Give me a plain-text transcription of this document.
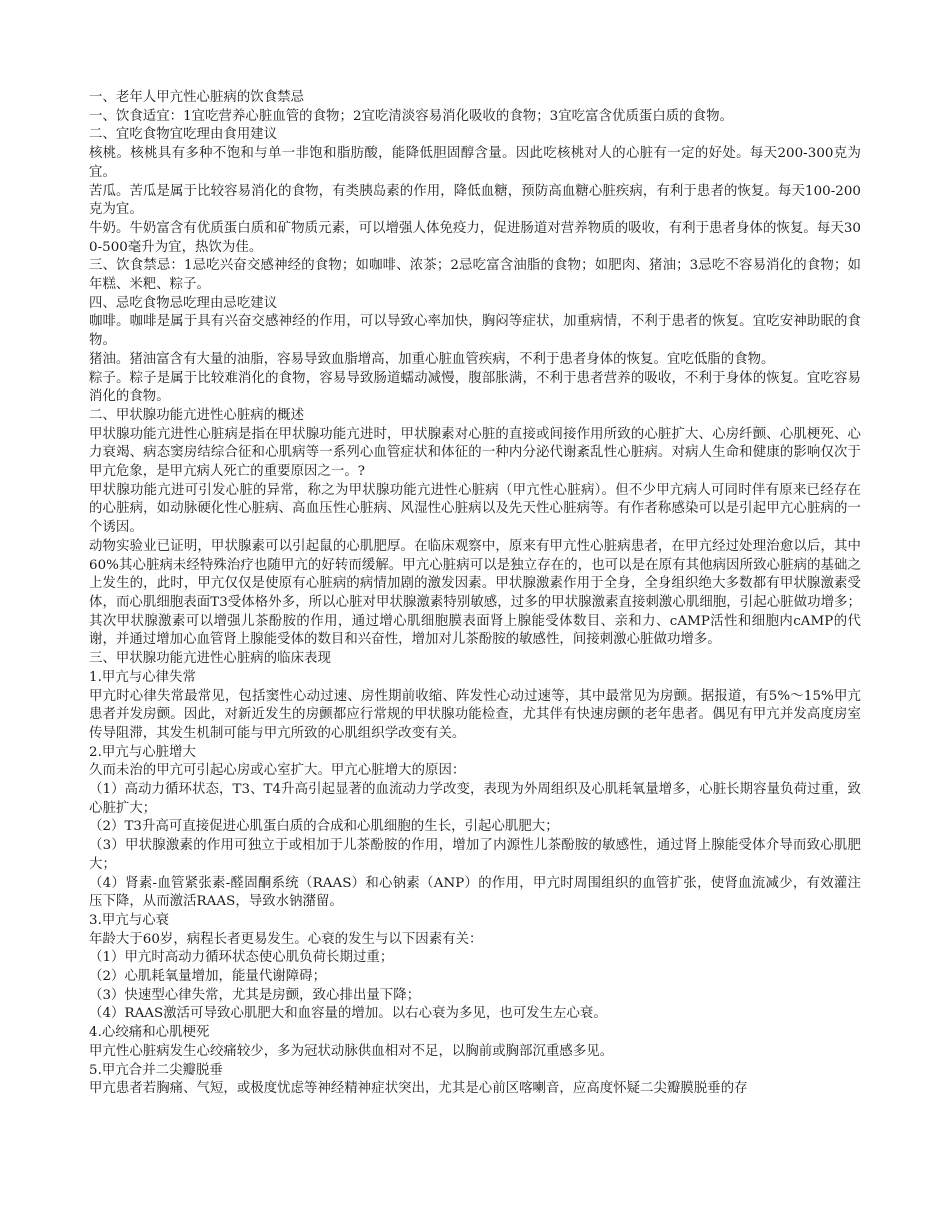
一、老年人甲亢性心脏病的饮食禁忌

一、饮食适宜：1宜吃营养心脏血管的食物；2宜吃清淡容易消化吸收的食物；3宜吃富含优质蛋白质的食物。

二、宜吃食物宜吃理由食用建议

核桃。核桃具有多种不饱和与单一非饱和脂肪酸，能降低胆固醇含量。因此吃核桃对人的心脏有一定的好处。每天200-300克为宜。

苦瓜。苦瓜是属于比较容易消化的食物，有类胰岛素的作用，降低血糖，预防高血糖心脏疾病，有利于患者的恢复。每天100-200克为宜。

牛奶。牛奶富含有优质蛋白质和矿物质元素，可以增强人体免疫力，促进肠道对营养物质的吸收，有利于患者身体的恢复。每天300-500毫升为宜，热饮为佳。

三、饮食禁忌：1忌吃兴奋交感神经的食物；如咖啡、浓茶；2忌吃富含油脂的食物；如肥肉、猪油；3忌吃不容易消化的食物；如年糕、米粑、粽子。

四、忌吃食物忌吃理由忌吃建议

咖啡。咖啡是属于具有兴奋交感神经的作用，可以导致心率加快，胸闷等症状，加重病情，不利于患者的恢复。宜吃安神助眠的食物。

猪油。猪油富含有大量的油脂，容易导致血脂增高，加重心脏血管疾病，不利于患者身体的恢复。宜吃低脂的食物。

粽子。粽子是属于比较难消化的食物，容易导致肠道蠕动减慢，腹部胀满，不利于患者营养的吸收，不利于身体的恢复。宜吃容易消化的食物。

二、甲状腺功能亢进性心脏病的概述

甲状腺功能亢进性心脏病是指在甲状腺功能亢进时，甲状腺素对心脏的直接或间接作用所致的心脏扩大、心房纤颤、心肌梗死、心力衰竭、病态窦房结综合征和心肌病等一系列心血管症状和体征的一种内分泌代谢紊乱性心脏病。对病人生命和健康的影响仅次于甲亢危象，是甲亢病人死亡的重要原因之一。?

甲状腺功能亢进可引发心脏的异常，称之为甲状腺功能亢进性心脏病（甲亢性心脏病）。但不少甲亢病人可同时伴有原来已经存在的心脏病，如动脉硬化性心脏病、高血压性心脏病、风湿性心脏病以及先天性心脏病等。有作者称感染可以是引起甲亢心脏病的一个诱因。

动物实验业已证明，甲状腺素可以引起鼠的心肌肥厚。在临床观察中，原来有甲亢性心脏病患者，在甲亢经过处理治愈以后，其中60%其心脏病未经特殊治疗也随甲亢的好转而缓解。甲亢心脏病可以是独立存在的，也可以是在原有其他病因所致心脏病的基础之上发生的，此时，甲亢仅仅是使原有心脏病的病情加剧的激发因素。甲状腺激素作用于全身，全身组织绝大多数都有甲状腺激素受体，而心肌细胞表面T3受体格外多，所以心脏对甲状腺激素特别敏感，过多的甲状腺激素直接刺激心肌细胞，引起心脏做功增多；其次甲状腺激素可以增强儿茶酚胺的作用，通过增心肌细胞膜表面肾上腺能受体数目、亲和力、cAMP活性和细胞内cAMP的代谢，并通过增加心血管肾上腺能受体的数目和兴奋性，增加对儿茶酚胺的敏感性，间接刺激心脏做功增多。

三、甲状腺功能亢进性心脏病的临床表现

1.甲亢与心律失常

甲亢时心律失常最常见，包括窦性心动过速、房性期前收缩、阵发性心动过速等，其中最常见为房颤。据报道，有5%～15%甲亢患者并发房颤。因此，对新近发生的房颤都应行常规的甲状腺功能检查，尤其伴有快速房颤的老年患者。偶见有甲亢并发高度房室传导阻滞，其发生机制可能与甲亢所致的心肌组织学改变有关。

2.甲亢与心脏增大

久而未治的甲亢可引起心房或心室扩大。甲亢心脏增大的原因：

（1）高动力循环状态，T3、T4升高引起显著的血流动力学改变，表现为外周组织及心肌耗氧量增多，心脏长期容量负荷过重，致心脏扩大；

（2）T3升高可直接促进心肌蛋白质的合成和心肌细胞的生长，引起心肌肥大；

（3）甲状腺激素的作用可独立于或相加于儿茶酚胺的作用，增加了内源性儿茶酚胺的敏感性，通过肾上腺能受体介导而致心肌肥大；

（4）肾素-血管紧张素-醛固酮系统（RAAS）和心钠素（ANP）的作用，甲亢时周围组织的血管扩张，使肾血流减少，有效灌注压下降，从而激活RAAS，导致水钠潴留。

3.甲亢与心衰

年龄大于60岁，病程长者更易发生。心衰的发生与以下因素有关：

（1）甲亢时高动力循环状态使心肌负荷长期过重；

（2）心肌耗氧量增加，能量代谢障碍；

（3）快速型心律失常，尤其是房颤，致心排出量下降；

（4）RAAS激活可导致心肌肥大和血容量的增加。以右心衰为多见，也可发生左心衰。

4.心绞痛和心肌梗死

甲亢性心脏病发生心绞痛较少，多为冠状动脉供血相对不足，以胸前或胸部沉重感多见。

5.甲亢合并二尖瓣脱垂

甲亢患者若胸痛、气短，或极度忧虑等神经精神症状突出，尤其是心前区喀喇音，应高度怀疑二尖瓣膜脱垂的存
